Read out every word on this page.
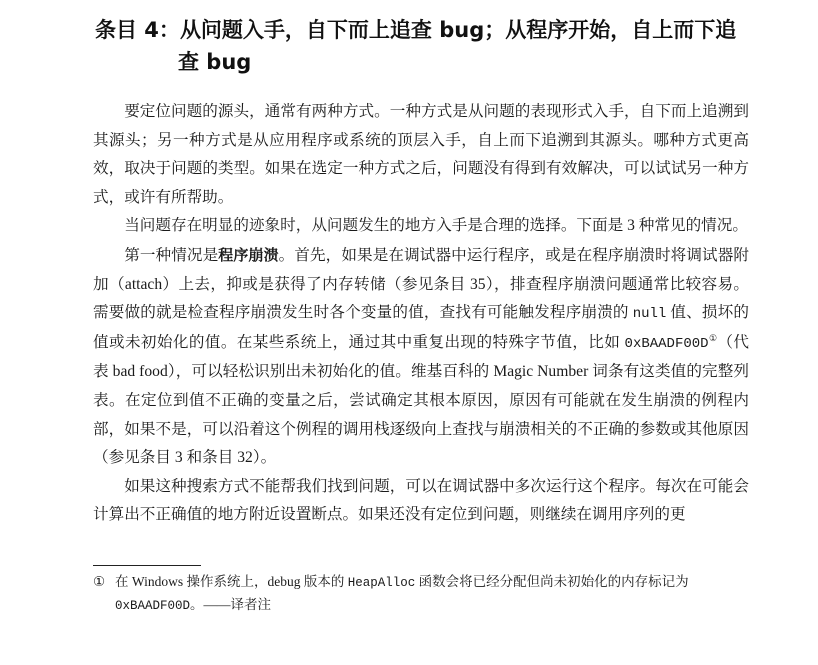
条目 4：从问题入手，自下而上追查 bug；从程序开始，自上而下追
查 bug

要定位问题的源头，通常有两种方式。一种方式是从问题的表现形式入手，自下而上追溯到其源头；另一种方式是从应用程序或系统的顶层入手，自上而下追溯到其源头。哪种方式更高效，取决于问题的类型。如果在选定一种方式之后，问题没有得到有效解决，可以试试另一种方式，或许有所帮助。

当问题存在明显的迹象时，从问题发生的地方入手是合理的选择。下面是 3 种常见的情况。

第一种情况是程序崩溃。首先，如果是在调试器中运行程序，或是在程序崩溃时将调试器附加（attach）上去，抑或是获得了内存转储（参见条目 35），排查程序崩溃问题通常比较容易。需要做的就是检查程序崩溃发生时各个变量的值，查找有可能触发程序崩溃的 null 值、损坏的值或未初始化的值。在某些系统上，通过其中重复出现的特殊字节值，比如 0xBAADF00D①（代表 bad food），可以轻松识别出未初始化的值。维基百科的 Magic Number 词条有这类值的完整列表。在定位到值不正确的变量之后，尝试确定其根本原因，原因有可能就在发生崩溃的例程内部，如果不是，可以沿着这个例程的调用栈逐级向上查找与崩溃相关的不正确的参数或其他原因（参见条目 3 和条目 32）。

如果这种搜索方式不能帮我们找到问题，可以在调试器中多次运行这个程序。每次在可能会计算出不正确值的地方附近设置断点。如果还没有定位到问题，则继续在调用序列的更

① 在 Windows 操作系统上，debug 版本的 HeapAlloc 函数会将已经分配但尚未初始化的内存标记为
0xBAADF00D。——译者注
